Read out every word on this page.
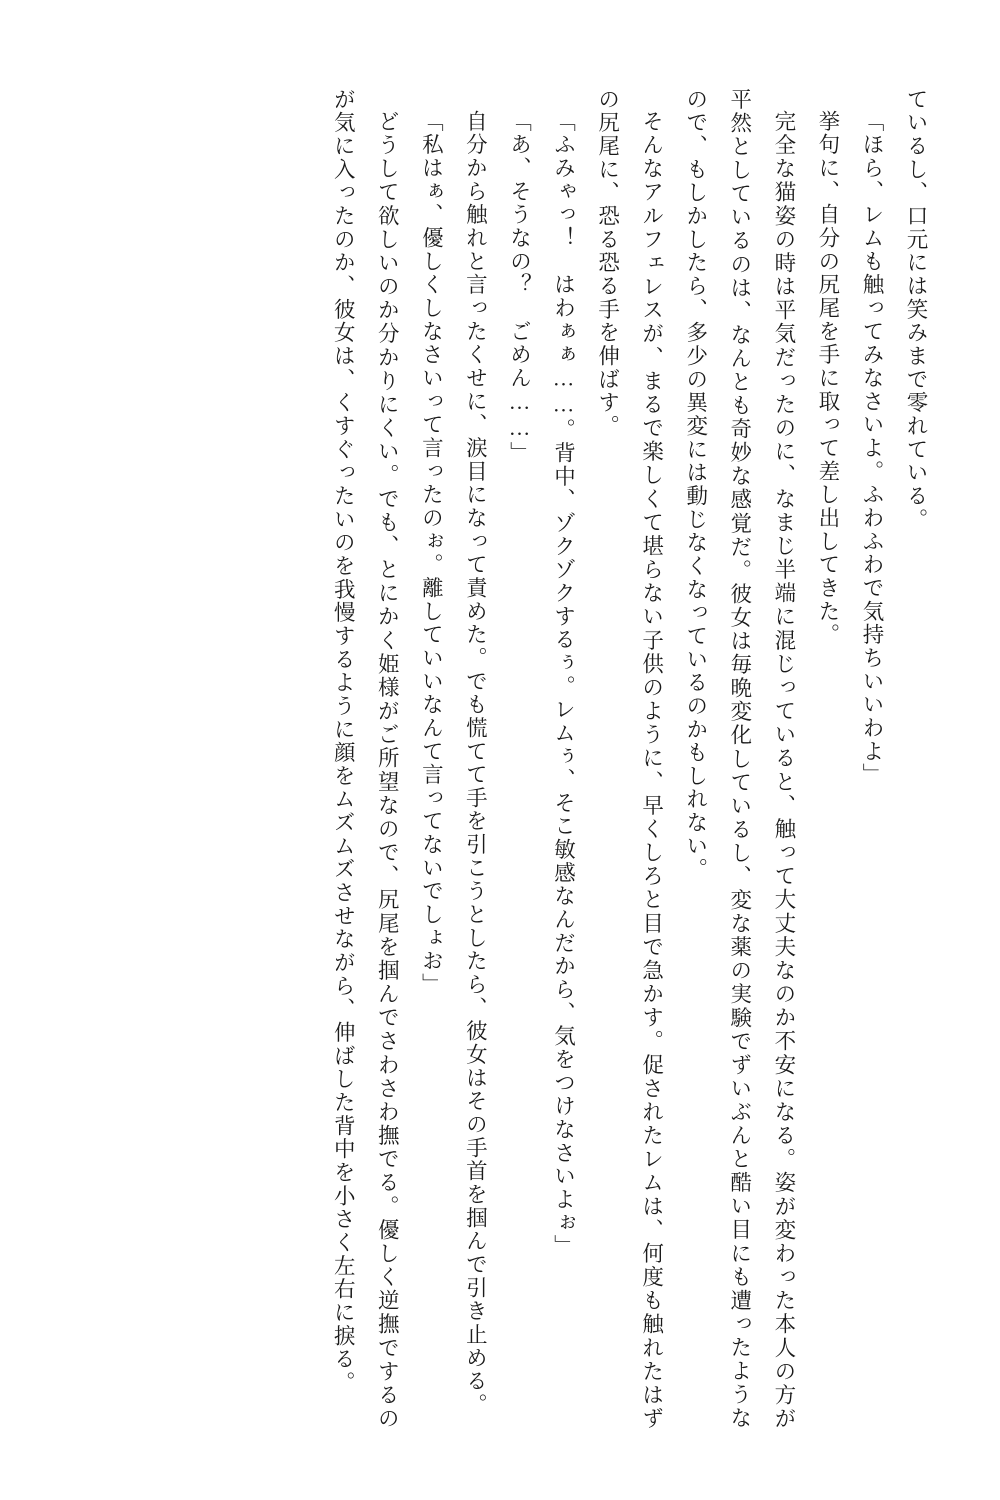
ているし、口元には笑みまで零れている。

「ほら、レムも触ってみなさいよ。ふわふわで気持ちいいわよ」

挙句に、自分の尻尾を手に取って差し出してきた。

完全な猫姿の時は平気だったのに、なまじ半端に混じっていると、触って大丈夫なのか不安になる。姿が変わった本人の方が平然としているのは、なんとも奇妙な感覚だ。彼女は毎晩変化しているし、変な薬の実験でずいぶんと酷い目にも遭ったようなので、もしかしたら、多少の異変には動じなくなっているのかもしれない。

そんなアルフェレスが、まるで楽しくて堪らない子供のように、早くしろと目で急かす。促されたレムは、何度も触れたはずの尻尾に、恐る恐る手を伸ばす。

「ふみゃっ！　はわぁぁ……。背中、ゾクゾクするぅ。レムぅ、そこ敏感なんだから、気をつけなさいよぉ」

「あ、そうなの？　ごめん……」

自分から触れと言ったくせに、涙目になって責めた。でも慌てて手を引こうとしたら、彼女はその手首を掴んで引き止める。

「私はぁ、優しくしなさいって言ったのぉ。離していいなんて言ってないでしょお」

どうして欲しいのか分かりにくい。でも、とにかく姫様がご所望なので、尻尾を掴んでさわさわ撫でる。優しく逆撫でするのが気に入ったのか、彼女は、くすぐったいのを我慢するように顔をムズムズさせながら、伸ばした背中を小さく左右に捩る。
